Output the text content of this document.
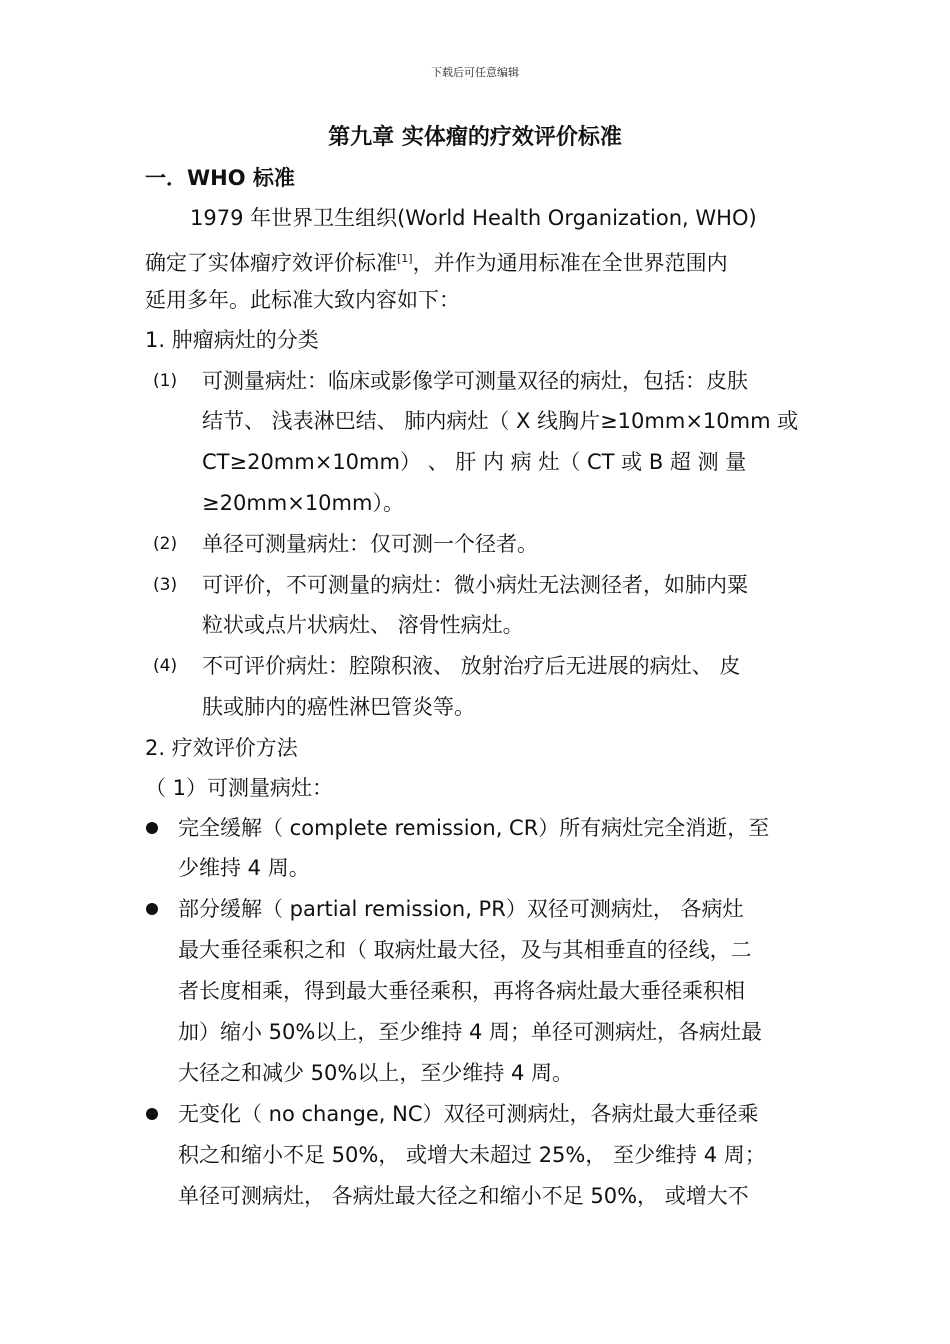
下载后可任意编辑
第九章 实体瘤的疗效评价标准
一．WHO 标准
1979 年世界卫生组织(World Health Organization, WHO)
确定了实体瘤疗效评价标准[1]，并作为通用标准在全世界范围内
延用多年。此标准大致内容如下：
1. 肿瘤病灶的分类
(1) 可测量病灶：临床或影像学可测量双径的病灶，包括：皮肤
结节、 浅表淋巴结、 肺内病灶（ X 线胸片≥10mm×10mm 或
CT≥20mm×10mm） 、 肝 内 病 灶（ CT 或 B 超 测 量
≥20mm×10mm）。
(2) 单径可测量病灶：仅可测一个径者。
(3) 可评价，不可测量的病灶：微小病灶无法测径者，如肺内粟
粒状或点片状病灶、 溶骨性病灶。
(4) 不可评价病灶：腔隙积液、 放射治疗后无进展的病灶、 皮
肤或肺内的癌性淋巴管炎等。
2. 疗效评价方法
（ 1）可测量病灶：
完全缓解（ complete remission, CR）所有病灶完全消逝，至
少维持 4 周。
部分缓解（ partial remission, PR）双径可测病灶， 各病灶
最大垂径乘积之和（ 取病灶最大径，及与其相垂直的径线，二
者长度相乘，得到最大垂径乘积，再将各病灶最大垂径乘积相
加）缩小 50%以上，至少维持 4 周；单径可测病灶，各病灶最
大径之和减少 50%以上，至少维持 4 周。
无变化（ no change, NC）双径可测病灶，各病灶最大垂径乘
积之和缩小不足 50%， 或增大未超过 25%， 至少维持 4 周；
单径可测病灶， 各病灶最大径之和缩小不足 50%， 或增大不
